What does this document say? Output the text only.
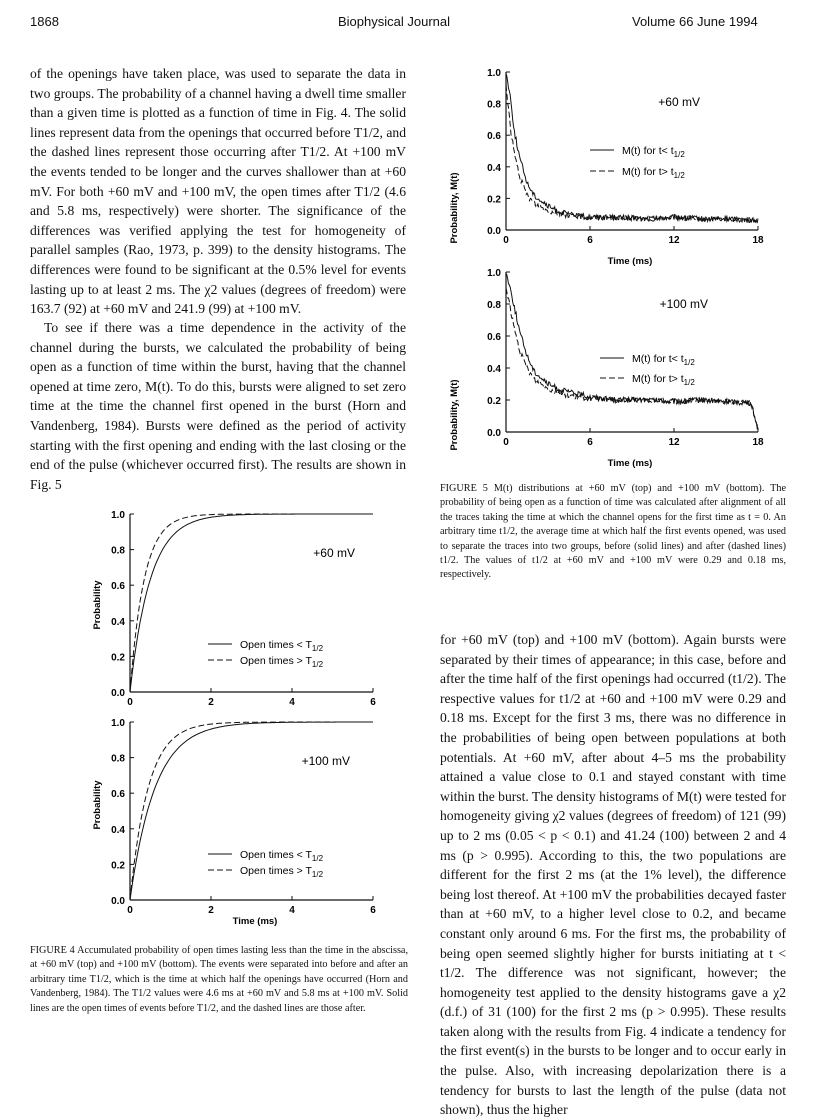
1868	Biophysical Journal	Volume 66 June 1994

of the openings have taken place, was used to separate the data in two groups. The probability of a channel having a dwell time smaller than a given time is plotted as a function of time in Fig. 4. The solid lines represent data from the openings that occurred before T1/2, and the dashed lines represent those occurring after T1/2. At +100 mV the events tended to be longer and the curves shallower than at +60 mV. For both +60 mV and +100 mV, the open times after T1/2 (4.6 and 5.8 ms, respectively) were shorter. The significance of the differences was verified applying the test for homogeneity of parallel samples (Rao, 1973, p. 399) to the density histograms. The differences were found to be significant at the 0.5% level for events lasting up to at least 2 ms. The χ2 values (degrees of freedom) were 163.7 (92) at +60 mV and 241.9 (99) at +100 mV.

To see if there was a time dependence in the activity of the channel during the bursts, we calculated the probability of being open as a function of time within the burst, having that the channel opened at time zero, M(t). To do this, bursts were aligned to set zero time at the time the channel first opened in the burst (Horn and Vandenberg, 1984). Bursts were defined as the period of activity starting with the first opening and ending with the last closing or the end of the pulse (whichever occurred first). The results are shown in Fig. 5

Probability, M(t)
+60 mV
Time (ms)
0.0
0.2
0.4
0.6
0.8
1.0
0	6	12	18
M(t) for $t< t_{1/2}$
M(t) for $t> t_{1/2}$
Probability, M(t)
+100 mV
Time (ms)
0.0
0.2
0.4
0.6
0.8
1.0
0	6	12	18
M(t) for $t< t_{1/2}$
M(t) for $t> t_{1/2}$

FIGURE 5 M(t) distributions at +60 mV (top) and +100 mV (bottom). The probability of being open as a function of time was calculated after alignment of all the traces taking the time at which the channel opens for the first time as t = 0. An arbitrary time t1/2, the average time at which half the first events opened, was used to separate the traces into two groups, before (solid lines) and after (dashed lines) t1/2. The values of t1/2 at +60 mV and +100 mV were 0.29 and 0.18 ms, respectively.

Probability
+60 mV
0.0
0.2
0.4
0.6
0.8
1.0
0	2	4	6
Open times < $T_{1/2}$
Open times > $T_{1/2}$
Probability
+100 mV
Time (ms)
0.0
0.2
0.4
0.6
0.8
1.0
0	2	4	6
Open times < $T_{1/2}$
Open times > $T_{1/2}$

FIGURE 4 Accumulated probability of open times lasting less than the time in the abscissa, at +60 mV (top) and +100 mV (bottom). The events were separated into before and after an arbitrary time T1/2, which is the time at which half the openings have occurred (Horn and Vandenberg, 1984). The T1/2 values were 4.6 ms at +60 mV and 5.8 ms at +100 mV. Solid lines are the open times of events before T1/2, and the dashed lines are those after.

for +60 mV (top) and +100 mV (bottom). Again bursts were separated by their times of appearance; in this case, before and after the time half of the first openings had occurred (t1/2). The respective values for t1/2 at +60 and +100 mV were 0.29 and 0.18 ms. Except for the first 3 ms, there was no difference in the probabilities of being open between populations at both potentials. At +60 mV, after about 4–5 ms the probability attained a value close to 0.1 and stayed constant with time within the burst. The density histograms of M(t) were tested for homogeneity giving χ2 values (degrees of freedom) of 121 (99) up to 2 ms (0.05 < p < 0.1) and 41.24 (100) between 2 and 4 ms (p > 0.995). According to this, the two populations are different for the first 2 ms (at the 1% level), the difference being lost thereof. At +100 mV the probabilities decayed faster than at +60 mV, to a higher level close to 0.2, and became constant only around 6 ms. For the first ms, the probability of being open seemed slightly higher for bursts initiating at t < t1/2. The difference was not significant, however; the homogeneity test applied to the density histograms gave a χ2 (d.f.) of 31 (100) for the first 2 ms (p > 0.995). These results taken along with the results from Fig. 4 indicate a tendency for the first event(s) in the bursts to be longer and to occur early in the pulse. Also, with increasing depolarization there is a tendency for bursts to last the length of the pulse (data not shown), thus the higher
